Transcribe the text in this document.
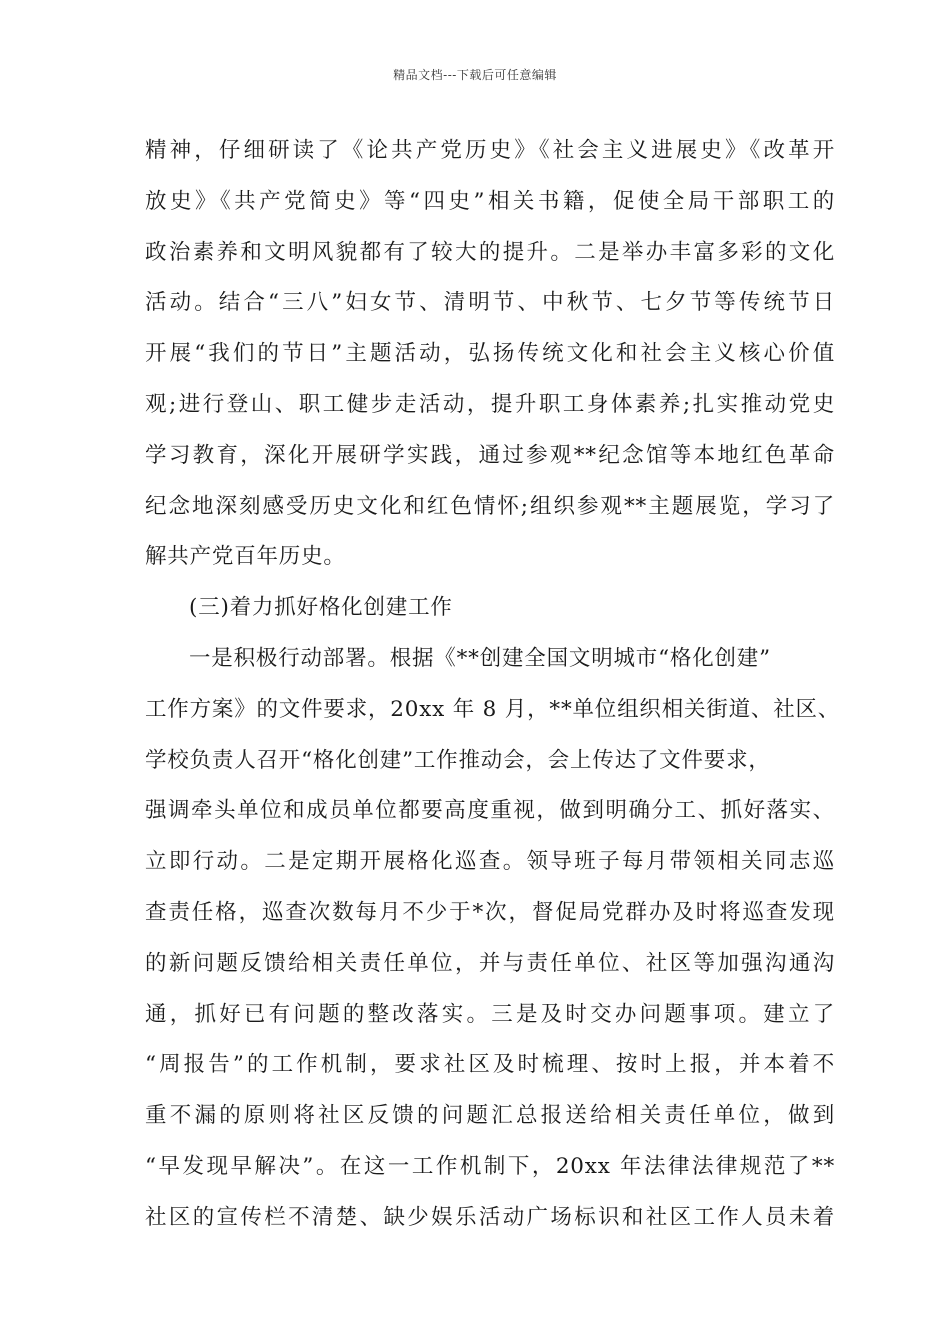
精品文档---下载后可任意编辑
精神，仔细研读了《论共产党历史》《社会主义进展史》《改革开
放史》《共产党简史》等“四史”相关书籍，促使全局干部职工的
政治素养和文明风貌都有了较大的提升。二是举办丰富多彩的文化
活动。结合“三八”妇女节、清明节、中秋节、七夕节等传统节日
开展“我们的节日”主题活动，弘扬传统文化和社会主义核心价值
观;进行登山、职工健步走活动，提升职工身体素养;扎实推动党史
学习教育，深化开展研学实践，通过参观**纪念馆等本地红色革命
纪念地深刻感受历史文化和红色情怀;组织参观**主题展览，学习了
解共产党百年历史。
(三)着力抓好格化创建工作
一是积极行动部署。根据《**创建全国文明城市“格化创建”
工作方案》的文件要求，20xx 年 8 月，**单位组织相关街道、社区、
学校负责人召开“格化创建”工作推动会，会上传达了文件要求，
强调牵头单位和成员单位都要高度重视，做到明确分工、抓好落实、
立即行动。二是定期开展格化巡查。领导班子每月带领相关同志巡
查责任格，巡查次数每月不少于*次，督促局党群办及时将巡查发现
的新问题反馈给相关责任单位，并与责任单位、社区等加强沟通沟
通，抓好已有问题的整改落实。三是及时交办问题事项。建立了
“周报告”的工作机制，要求社区及时梳理、按时上报，并本着不
重不漏的原则将社区反馈的问题汇总报送给相关责任单位，做到
“早发现早解决”。在这一工作机制下，20xx 年法律法律规范了**
社区的宣传栏不清楚、缺少娱乐活动广场标识和社区工作人员未着
